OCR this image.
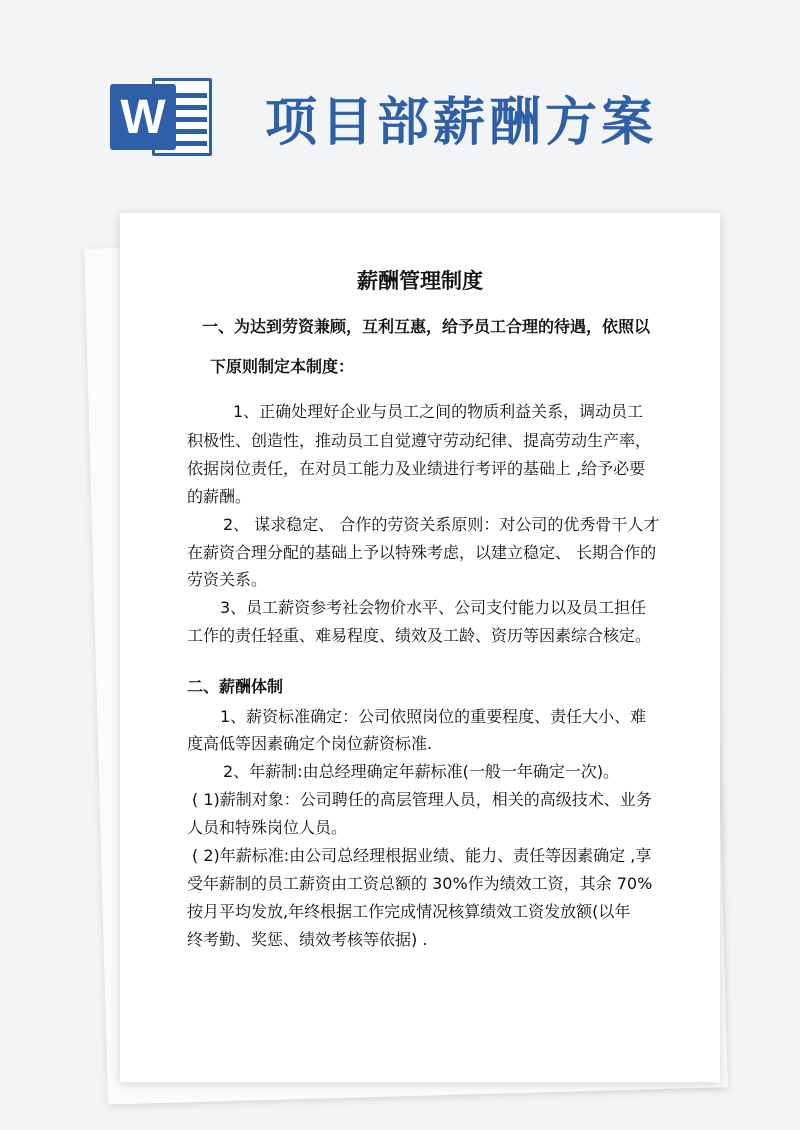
W 项目部薪酬方案
薪酬管理制度
一、为达到劳资兼顾，互利互惠，给予员工合理的待遇，依照以
下原则制定本制度：
1、正确处理好企业与员工之间的物质利益关系，调动员工
积极性、创造性，推动员工自觉遵守劳动纪律、提高劳动生产率，
依据岗位责任，在对员工能力及业绩进行考评的基础上 ,给予必要
的薪酬。
2、 谋求稳定、 合作的劳资关系原则：对公司的优秀骨干人才
在薪资合理分配的基础上予以特殊考虑，以建立稳定、 长期合作的
劳资关系。
3、员工薪资参考社会物价水平、公司支付能力以及员工担任
工作的责任轻重、难易程度、绩效及工龄、资历等因素综合核定。
二、薪酬体制
1、薪资标准确定：公司依照岗位的重要程度、责任大小、难
度高低等因素确定个岗位薪资标准.
2、年薪制:由总经理确定年薪标准(一般一年确定一次)。
( 1)薪制对象：公司聘任的高层管理人员，相关的高级技术、业务
人员和特殊岗位人员。
( 2)年薪标准:由公司总经理根据业绩、能力、责任等因素确定 ,享
受年薪制的员工薪资由工资总额的 30%作为绩效工资，其余 70%
按月平均发放,年终根据工作完成情况核算绩效工资发放额(以年
终考勤、奖惩、绩效考核等依据) .
